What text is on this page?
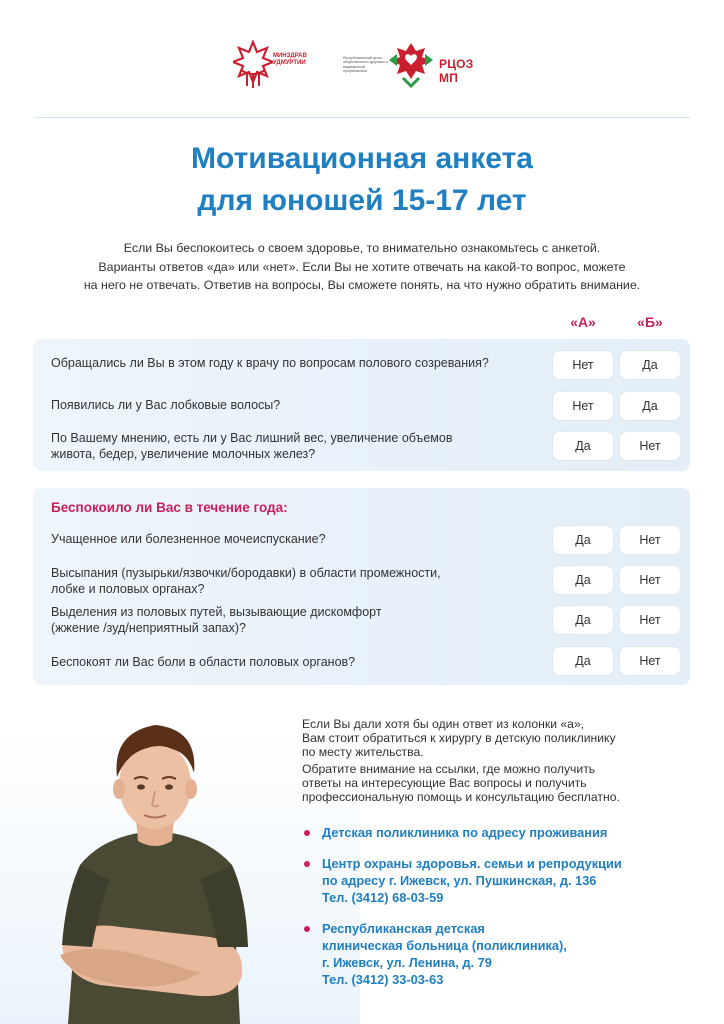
МИНЗДРАВ
УДМУРТИИ
Республиканский центр общественного здоровья и медицинской профилактики
РЦОЗ МП
Мотивационная анкета
для юношей 15-17 лет
Если Вы беспокоитесь о своем здоровье, то внимательно ознакомьтесь с анкетой.
Варианты ответов «да» или «нет». Если Вы не хотите отвечать на какой-то вопрос, можете
на него не отвечать. Ответив на вопросы, Вы сможете понять, на что нужно обратить внимание.
«А»	«Б»
Обращались ли Вы в этом году к врачу по вопросам полового созревания?	Нет	Да
Появились ли у Вас лобковые волосы?	Нет	Да
По Вашему мнению, есть ли у Вас лишний вес, увеличение объемов
живота, бедер, увеличение молочных желез?
Да	Нет
Беспокоило ли Вас в течение года:
Учащенное или болезненное мочеиспускание?	Да	Нет
Высыпания (пузырьки/язвочки/бородавки) в области промежности,
лобке и половых органах?
Да	Нет
Выделения из половых путей, вызывающие дискомфорт
(жжение /зуд/неприятный запах)?
Да	Нет
Беспокоят ли Вас боли в области половых органов?	Да	Нет

Если Вы дали хотя бы один ответ из колонки «а»,
Вам стоит обратиться к хирургу в детскую поликлинику
по месту жительства.

Обратите внимание на ссылки, где можно получить
ответы на интересующие Вас вопросы и получить
профессиональную помощь и консультацию бесплатно.

Детская поликлиника по адресу проживания
Центр охраны здоровья. семьи и репродукции
по адресу г. Ижевск, ул. Пушкинская, д. 136
Тел. (3412) 68-03-59
Республиканская детская
клиническая больница (поликлиника),
г. Ижевск, ул. Ленина, д. 79
Тел. (3412) 33-03-63
